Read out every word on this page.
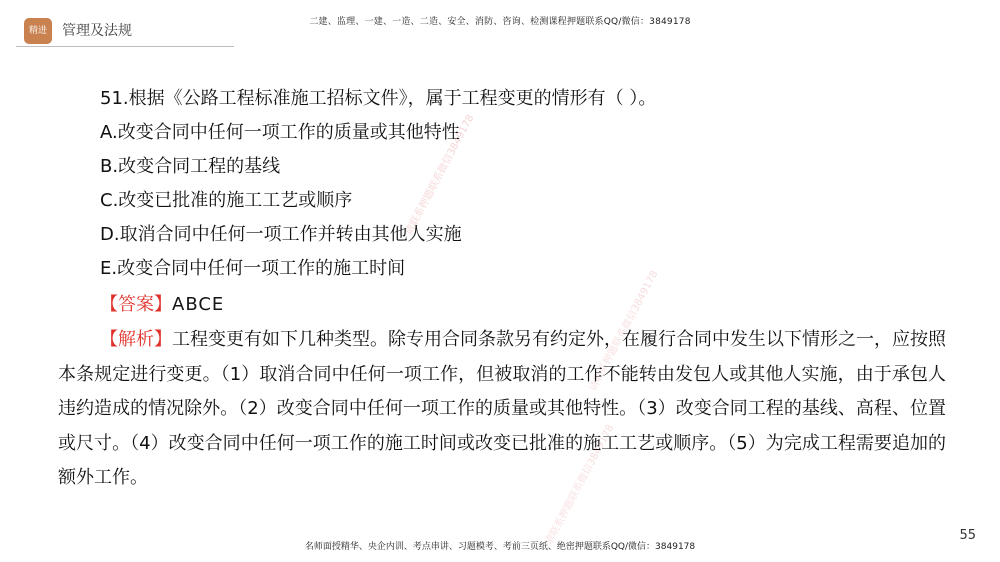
精进	管理及法规
二建、监理、一建、一造、二造、安全、消防、咨询、检测课程押题联系QQ/微信：3849178
请联系押题联系微信3849178
请联系押题联系微信3849178
请联系押题联系微信3849178
51.根据《公路工程标准施工招标文件》，属于工程变更的情形有（ ）。
A.改变合同中任何一项工作的质量或其他特性
B.改变合同工程的基线
C.改变已批准的施工工艺或顺序
D.取消合同中任何一项工作并转由其他人实施
E.改变合同中任何一项工作的施工时间
【答案】ABCE
【解析】工程变更有如下几种类型。除专用合同条款另有约定外，在履行合同中发生以下情形之一，应按照本条规定进行变更。（1）取消合同中任何一项工作，但被取消的工作不能转由发包人或其他人实施，由于承包人违约造成的情况除外。（2）改变合同中任何一项工作的质量或其他特性。（3）改变合同工程的基线、高程、位置或尺寸。（4）改变合同中任何一项工作的施工时间或改变已批准的施工工艺或顺序。（5）为完成工程需要追加的额外工作。
名师面授精华、央企内训、考点串讲、习题模考、考前三页纸、绝密押题联系QQ/微信：3849178
55
